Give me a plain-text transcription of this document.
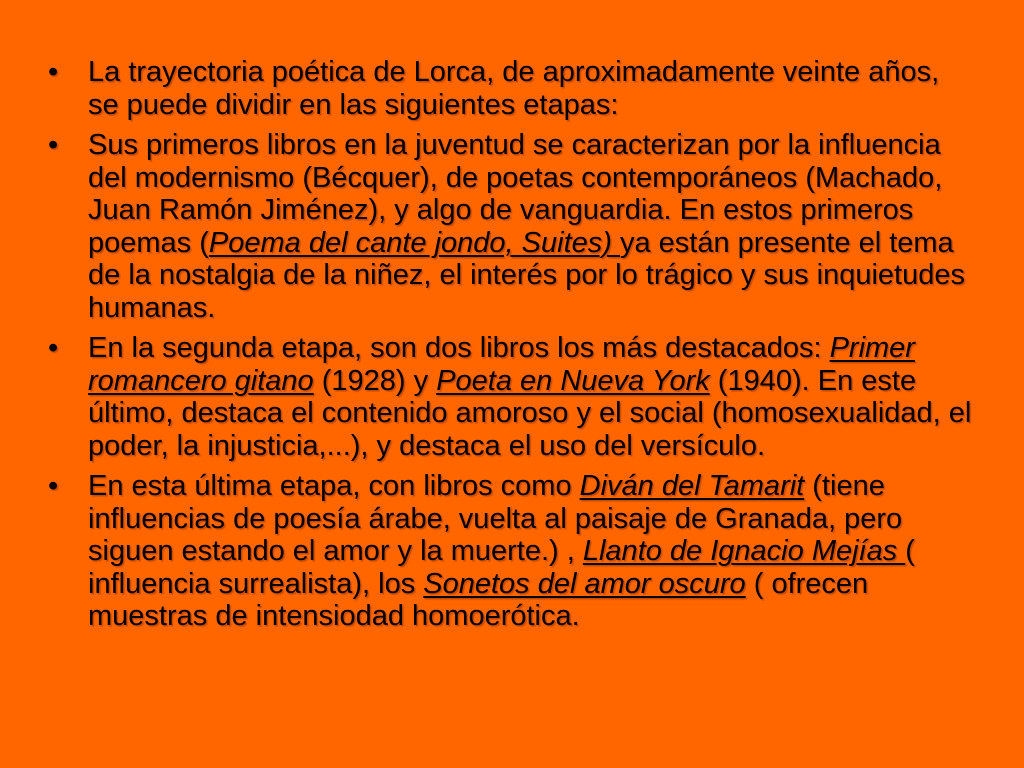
• La trayectoria poética de Lorca, de aproximadamente veinte años, se puede dividir en las siguientes etapas:
• Sus primeros libros en la juventud se caracterizan por la influencia del modernismo (Bécquer), de poetas contemporáneos (Machado, Juan Ramón Jiménez), y algo de vanguardia. En estos primeros poemas (Poema del cante jondo, Suites) ya están presente el tema de la nostalgia de la niñez, el interés por lo trágico y sus inquietudes humanas.
• En la segunda etapa, son dos libros los más destacados: Primer romancero gitano (1928) y Poeta en Nueva York (1940). En este último, destaca el contenido amoroso y el social (homosexualidad, el poder, la injusticia,...), y destaca el uso del versículo.
• En esta última etapa, con libros como Diván del Tamarit (tiene influencias de poesía árabe, vuelta al paisaje de Granada, pero siguen estando el amor y la muerte.) , Llanto de Ignacio Mejías ( influencia surrealista), los Sonetos del amor oscuro ( ofrecen muestras de intensiodad homoerótica.
